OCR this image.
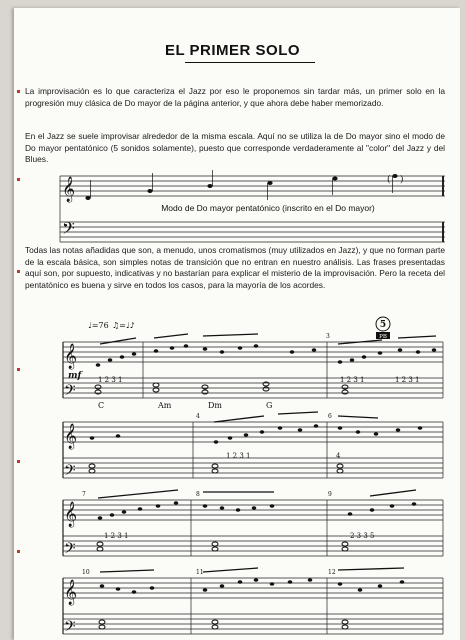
EL PRIMER SOLO
La improvisación es lo que caracteriza el Jazz por eso le proponemos sin tardar más, un primer solo en la progresión muy clásica de Do mayor de la página anterior, y que ahora debe haber memorizado.
En el Jazz se suele improvisar alrededor de la misma escala. Aquí no se utiliza la de Do mayor sino el modo de Do mayor pentatónico (5 sonidos solamente), puesto que corresponde verdaderamente al "color" del Jazz y del Blues.
𝄞
𝄢
( )
Modo de Do mayor pentatónico (inscrito en el Do mayor)
Todas las notas añadidas que son, a menudo, unos cromatismos (muy utilizados en Jazz), y que no forman parte de la escala básica, son simples notas de transición que no entran en nuestro análisis. Las frases presentadas aquí son, por supuesto, indicativas y no bastarían para explicar el misterio de la improvisación. Pero la receta del pentatónico es buena y sirve en todos los casos, para la mayoría de los acordes.
♩=76 ♫=♩♪	5
PB
𝄞
𝄢
mf
3
1 2 3 1	1 2 3 1	1 2 3 1
C	Am	Dm	G
𝄞
𝄢
4	6
1 2 3 1	4
𝄞
𝄢
7	8	9
1 2 3 1	2 3 3 5
𝄞
𝄢
10	11	12
